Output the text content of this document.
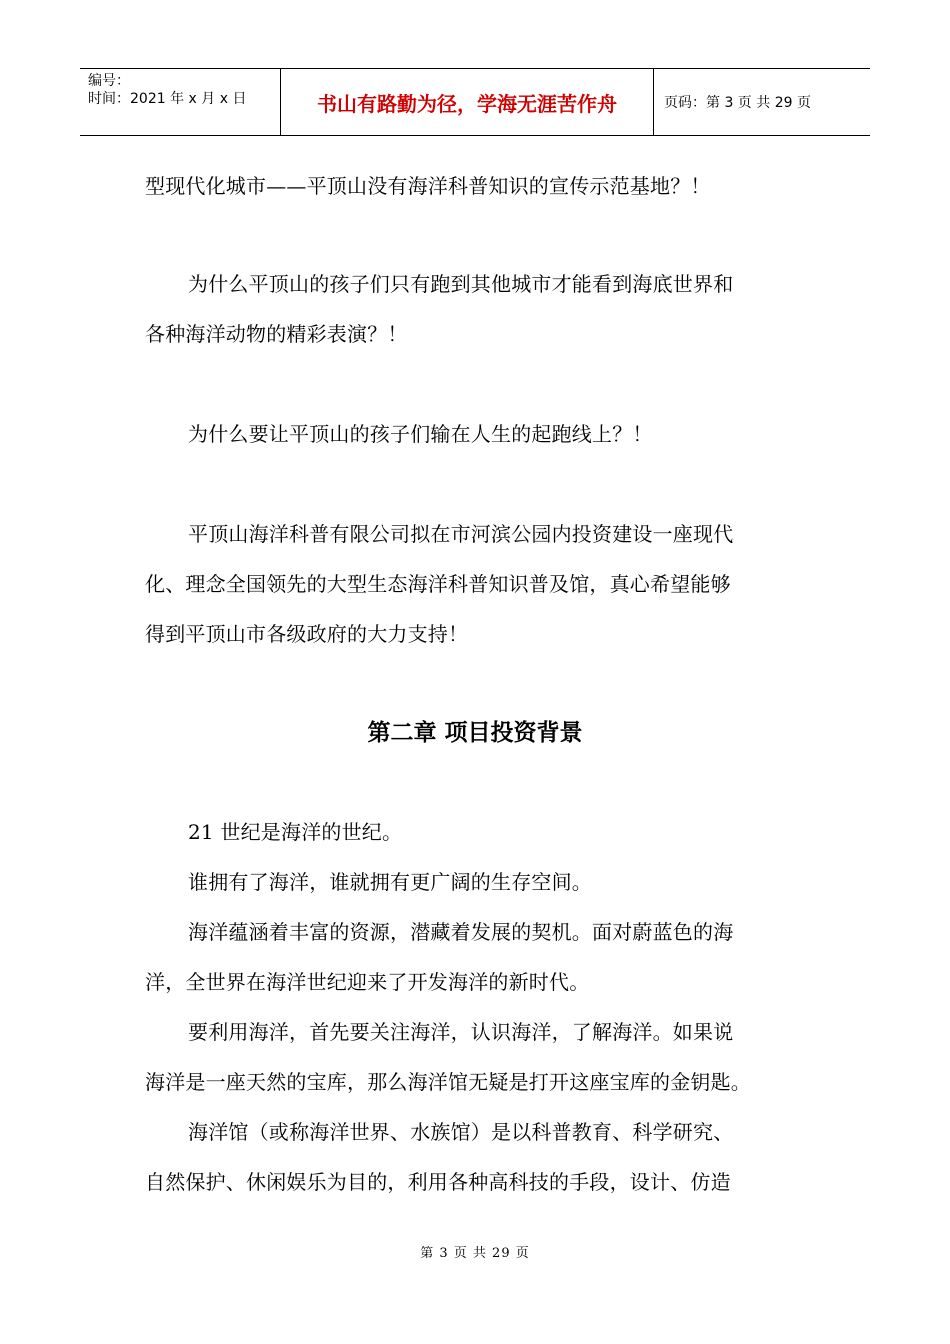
编号：
时间：2021 年 x 月 x 日	书山有路勤为径，学海无涯苦作舟	页码：第 3 页 共 29 页
型现代化城市——平顶山没有海洋科普知识的宣传示范基地？！
为什么平顶山的孩子们只有跑到其他城市才能看到海底世界和
各种海洋动物的精彩表演？！
为什么要让平顶山的孩子们输在人生的起跑线上？！
平顶山海洋科普有限公司拟在市河滨公园内投资建设一座现代
化、理念全国领先的大型生态海洋科普知识普及馆，真心希望能够
得到平顶山市各级政府的大力支持！
第二章 项目投资背景
21 世纪是海洋的世纪。
谁拥有了海洋，谁就拥有更广阔的生存空间。
海洋蕴涵着丰富的资源，潜藏着发展的契机。面对蔚蓝色的海
洋，全世界在海洋世纪迎来了开发海洋的新时代。
要利用海洋，首先要关注海洋，认识海洋，了解海洋。如果说
海洋是一座天然的宝库，那么海洋馆无疑是打开这座宝库的金钥匙。
海洋馆（或称海洋世界、水族馆）是以科普教育、科学研究、
自然保护、休闲娱乐为目的，利用各种高科技的手段，设计、仿造
第 3 页 共 29 页
